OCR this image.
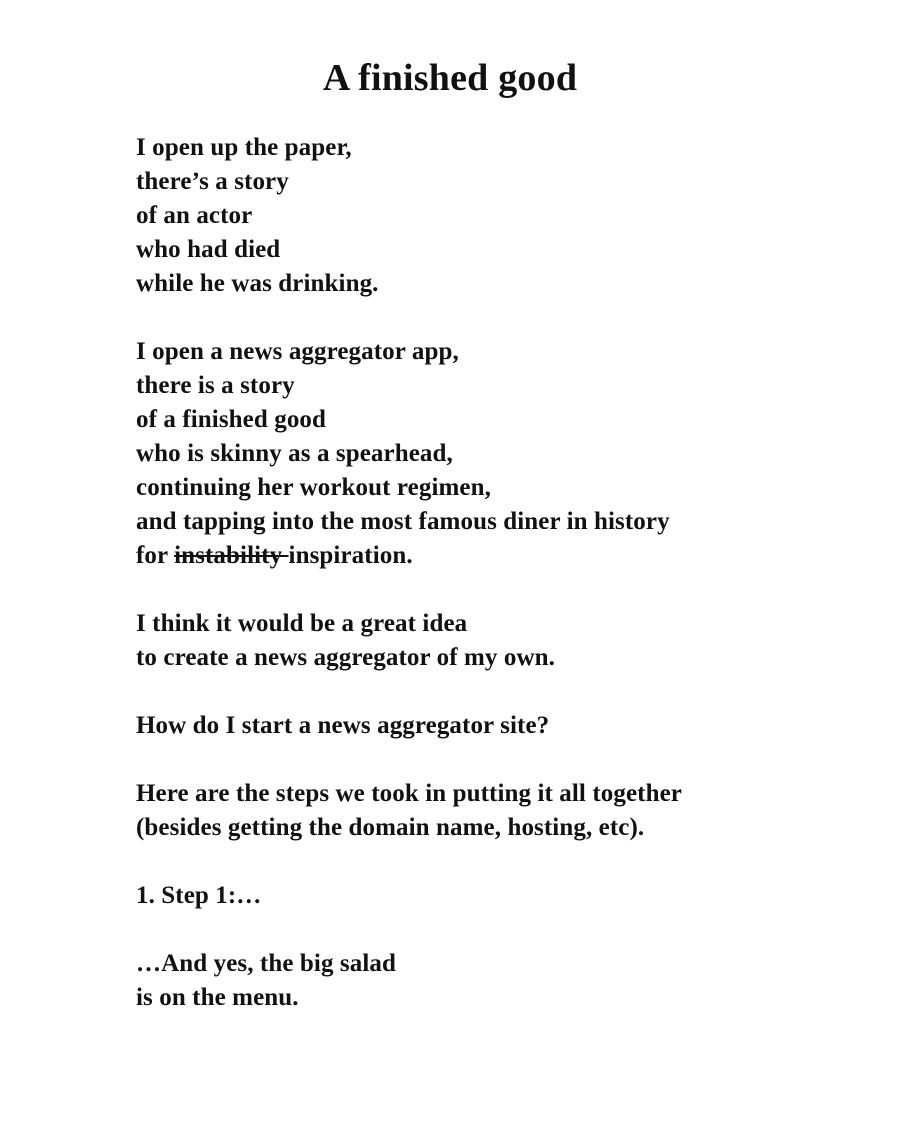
A finished good
I open up the paper,
there’s a story
of an actor
who had died
while he was drinking.
I open a news aggregator app,
there is a story
of a finished good
who is skinny as a spearhead,
continuing her workout regimen,
and tapping into the most famous diner in history
for instability inspiration.
I think it would be a great idea
to create a news aggregator of my own.
How do I start a news aggregator site?
Here are the steps we took in putting it all together
(besides getting the domain name, hosting, etc).
1. Step 1:…
…And yes, the big salad
is on the menu.
